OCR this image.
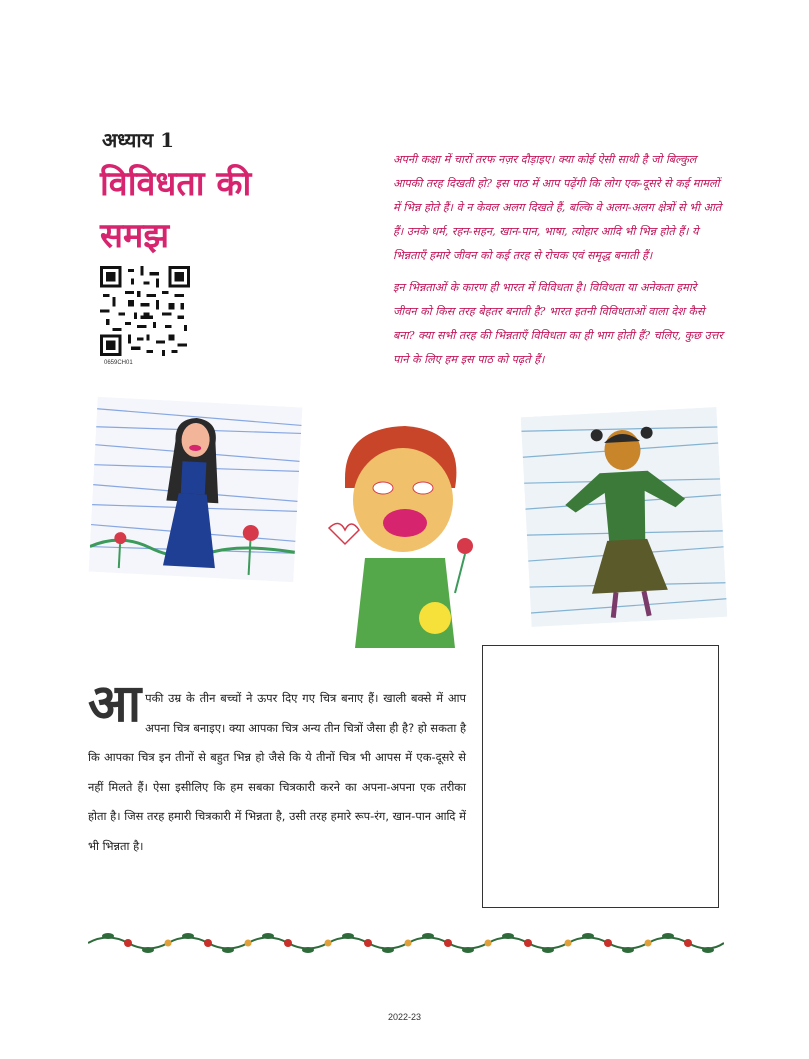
अध्याय 1
विविधता की समझ
0659CH01

अपनी कक्षा में चारों तरफ नज़र दौड़ाइए। क्या कोई ऐसी साथी है जो बिल्कुल आपकी तरह दिखती हो? इस पाठ में आप पढ़ेंगी कि लोग एक-दूसरे से कई मामलों में भिन्न होते हैं। वे न केवल अलग दिखते हैं, बल्कि वे अलग-अलग क्षेत्रों से भी आते हैं। उनके धर्म, रहन-सहन, खान-पान, भाषा, त्योहार आदि भी भिन्न होते हैं। ये भिन्नताएँ हमारे जीवन को कई तरह से रोचक एवं समृद्ध बनाती हैं।

इन भिन्नताओं के कारण ही भारत में विविधता है। विविधता या अनेकता हमारे जीवन को किस तरह बेहतर बनाती है? भारत इतनी विविधताओं वाला देश कैसे बना? क्या सभी तरह की भिन्नताएँ विविधता का ही भाग होती हैं? चलिए, कुछ उत्तर पाने के लिए हम इस पाठ को पढ़ते हैं।

आपकी उम्र के तीन बच्चों ने ऊपर दिए गए चित्र बनाए हैं। खाली बक्से में आप अपना चित्र बनाइए। क्या आपका चित्र अन्य तीन चित्रों जैसा ही है? हो सकता है कि आपका चित्र इन तीनों से बहुत भिन्न हो जैसे कि ये तीनों चित्र भी आपस में एक-दूसरे से नहीं मिलते हैं। ऐसा इसीलिए कि हम सबका चित्रकारी करने का अपना-अपना एक तरीका होता है। जिस तरह हमारी चित्रकारी में भिन्नता है, उसी तरह हमारे रूप-रंग, खान-पान आदि में भी भिन्नता है।
2022-23
